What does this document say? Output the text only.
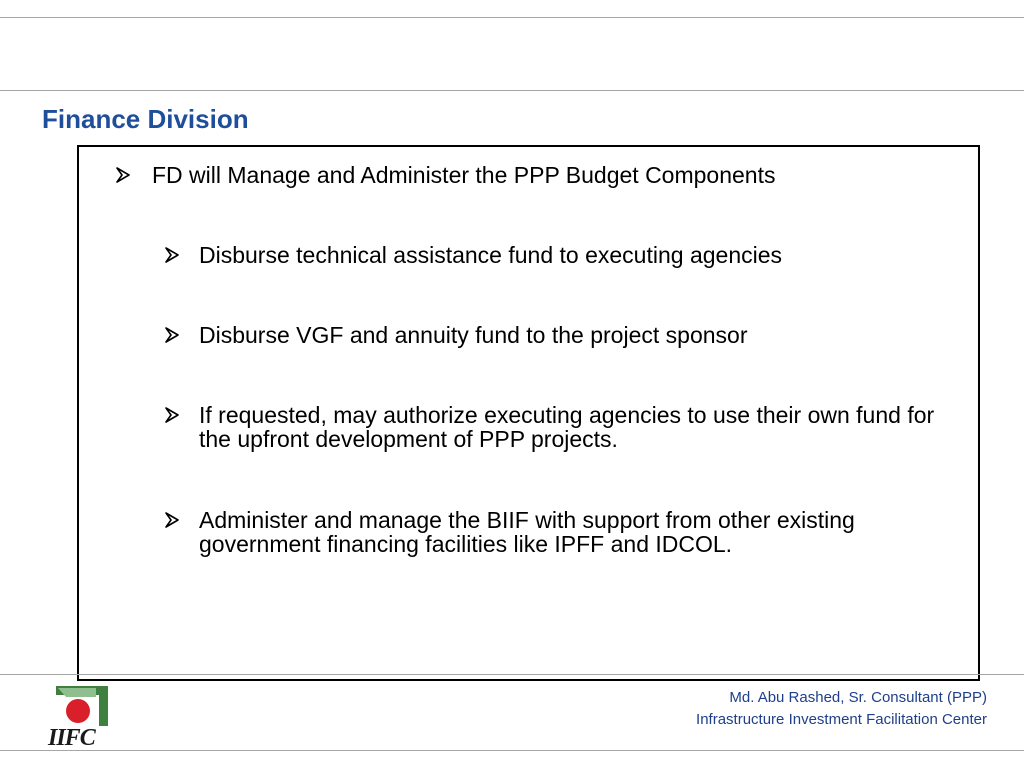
Finance Division
FD will Manage and Administer the PPP Budget Components
Disburse technical assistance fund to executing agencies
Disburse VGF and annuity fund to the project sponsor
If requested, may authorize executing agencies to use their own fund for the upfront development of PPP projects.
Administer and manage the BIIF with support from other existing government financing facilities like IPFF and IDCOL.
IIFC
Md. Abu Rashed, Sr. Consultant (PPP)
Infrastructure Investment Facilitation Center
